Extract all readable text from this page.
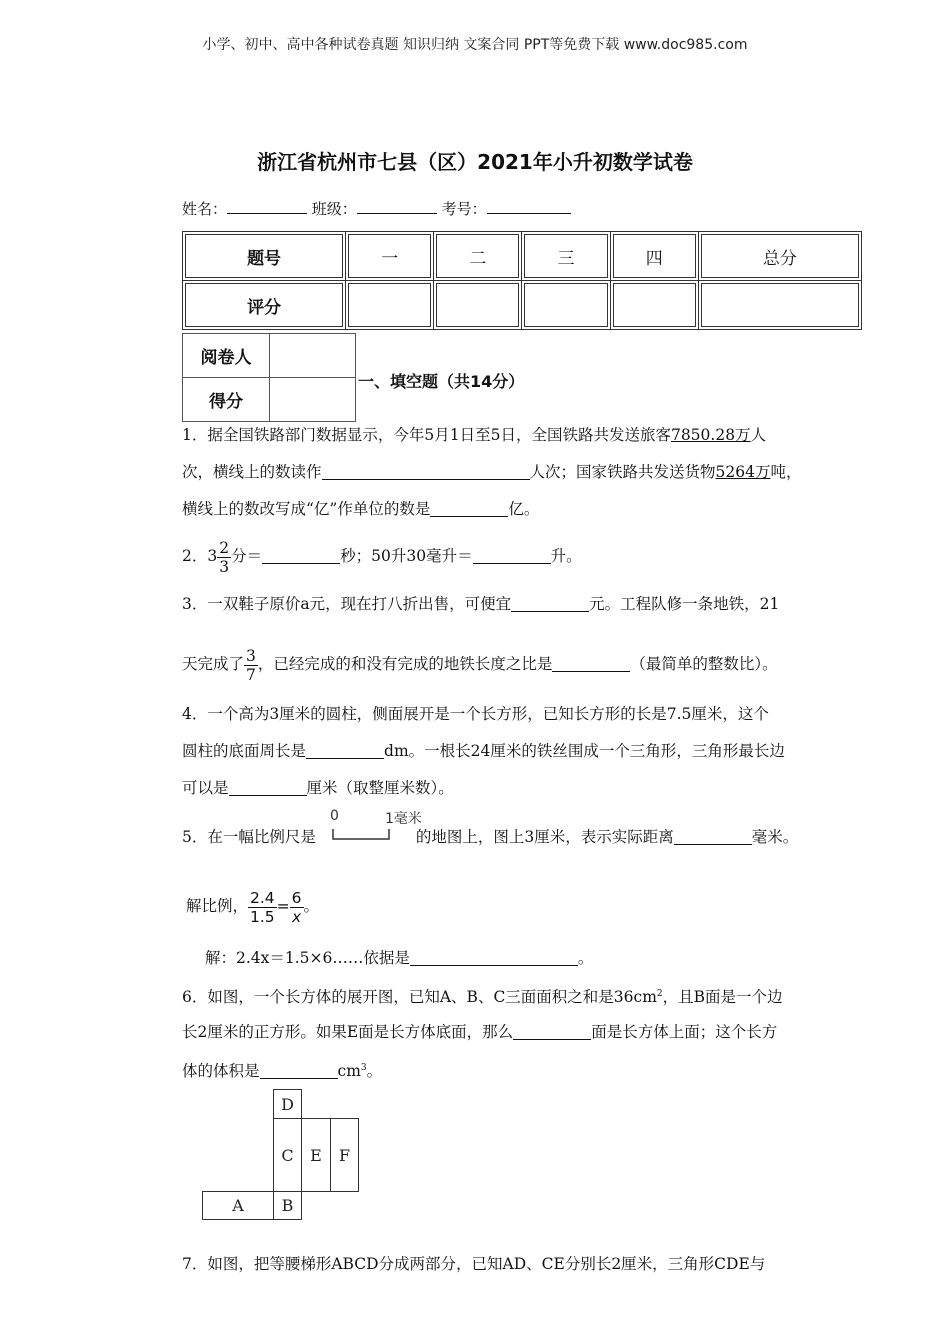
小学、初中、高中各种试卷真题 知识归纳 文案合同 PPT等免费下载 www.doc985.com
浙江省杭州市七县（区）2021年小升初数学试卷
姓名：	班级：	考号：
题号	一	二	三	四	总分
评分					
阅卷人	
得分	
一、填空题（共14分）
1．据全国铁路部门数据显示，今年5月1日至5日，全国铁路共发送旅客7850.28万人
次，横线上的数读作	人次；国家铁路共发送货物5264万吨，
横线上的数改写成“亿”作单位的数是	亿。
2．$3 \frac{2}{3}$ 分＝	秒；50升30毫升＝	升。
3．一双鞋子原价a元，现在打八折出售，可便宜	元。工程队修一条地铁，21
天完成了 $\frac{3}{7}$ ，已经完成的和没有完成的地铁长度之比是	（最简单的整数比）。
4．一个高为3厘米的圆柱，侧面展开是一个长方形，已知长方形的长是7.5厘米，这个
圆柱的底面周长是	dm。一根长24厘米的铁丝围成一个三角形，三角形最长边
可以是	厘米（取整厘米数）。
0	1毫米
5．在一幅比例尺是	的地图上，图上3厘米，表示实际距离	毫米。
解比例， $\frac{2.4}{1.5} = \frac{6}{x}$ 。
解：2.4x＝1.5×6……依据是	。
6．如图，一个长方体的展开图，已知A、B、C三面面积之和是$36cm^2$，且B面是一个边
长2厘米的正方形。如果E面是长方体底面，那么	面是长方体上面；这个长方
体的体积是	$cm^3$。
D
C	E	F
A	B
7．如图，把等腰梯形ABCD分成两部分，已知AD、CE分别长2厘米，三角形CDE与
